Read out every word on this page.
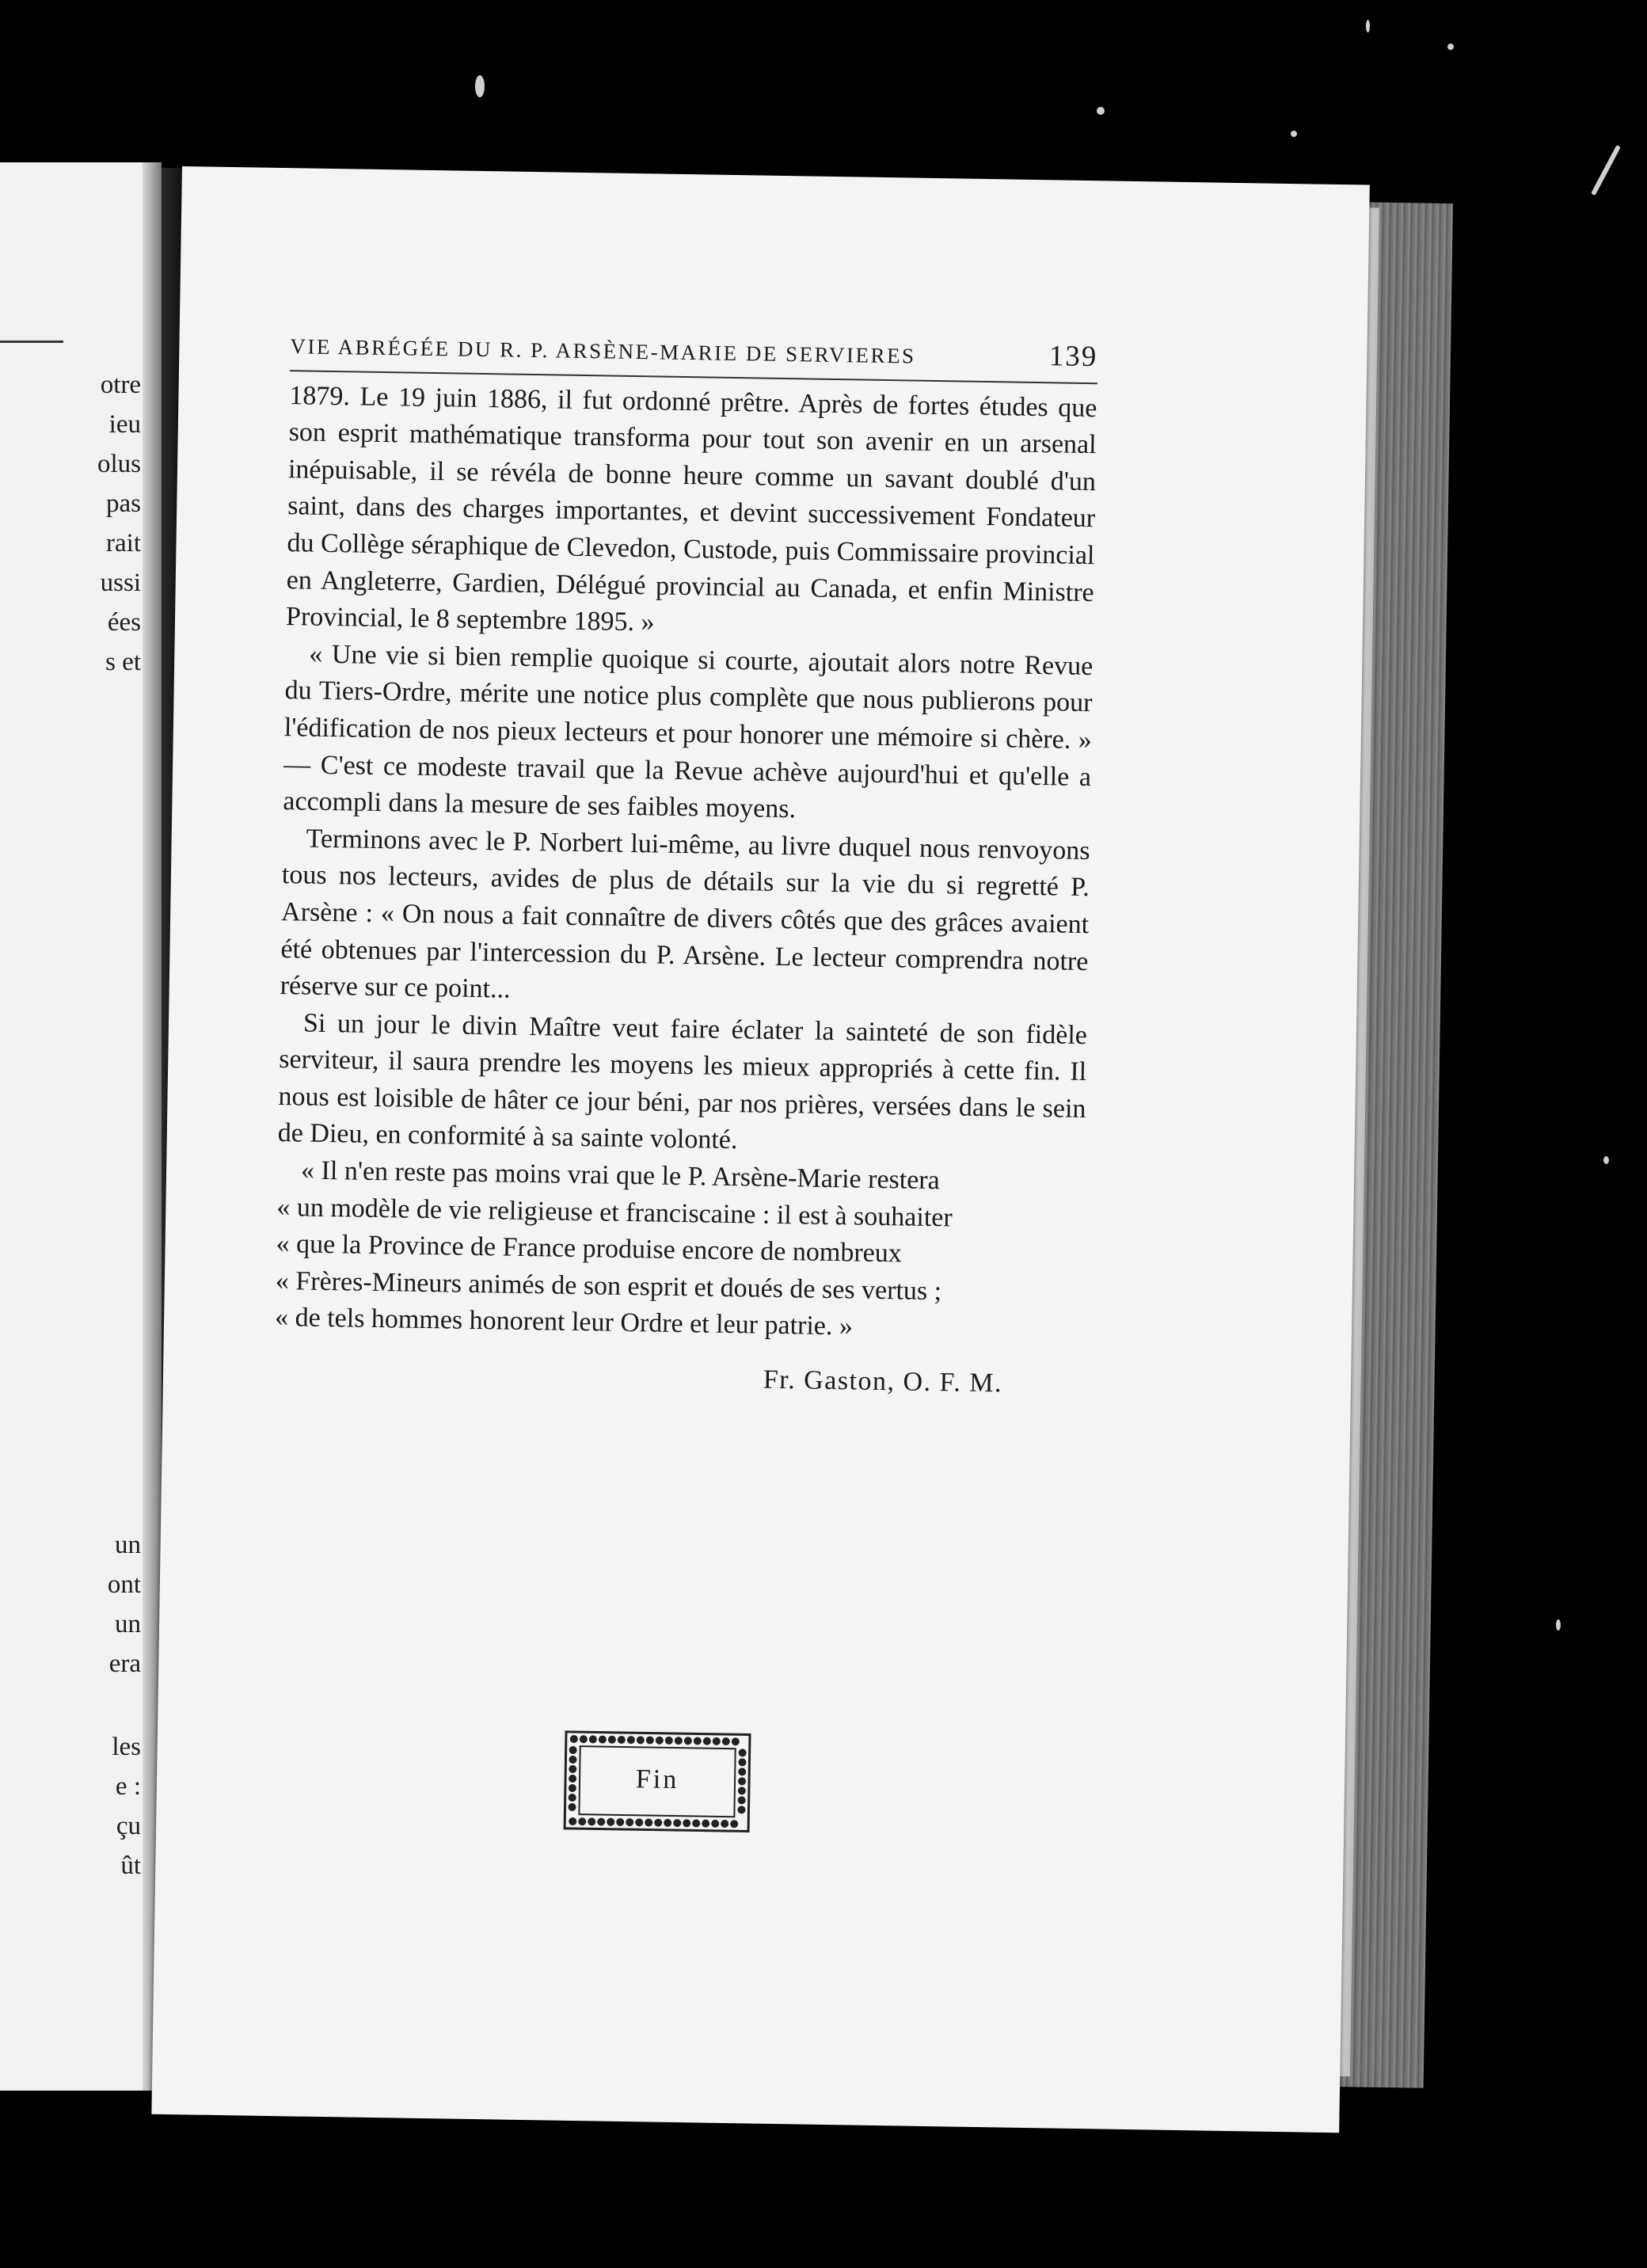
otre
ieu
olus
pas
rait
ussi
ées
s et
un
ont
un
era
les
e :
çu
ût
VIE ABRÉGÉE DU R. P. ARSÈNE-MARIE DE SERVIERES	139

1879. Le 19 juin 1886, il fut ordonné prêtre. Après de fortes études que son esprit mathématique transforma pour tout son avenir en un arsenal inépuisable, il se révéla de bonne heure comme un savant doublé d'un saint, dans des charges importantes, et devint successivement Fondateur du Collège séraphique de Clevedon, Custode, puis Commissaire provincial en Angleterre, Gardien, Délégué provincial au Canada, et enfin Ministre Provincial, le 8 septembre 1895. »

« Une vie si bien remplie quoique si courte, ajoutait alors notre Revue du Tiers-Ordre, mérite une notice plus complète que nous publierons pour l'édification de nos pieux lecteurs et pour honorer une mémoire si chère. » — C'est ce modeste travail que la Revue achève aujourd'hui et qu'elle a accompli dans la mesure de ses faibles moyens.

Terminons avec le P. Norbert lui-même, au livre duquel nous renvoyons tous nos lecteurs, avides de plus de détails sur la vie du si regretté P. Arsène : « On nous a fait connaître de divers côtés que des grâces avaient été obtenues par l'intercession du P. Arsène. Le lecteur comprendra notre réserve sur ce point...

Si un jour le divin Maître veut faire éclater la sainteté de son fidèle serviteur, il saura prendre les moyens les mieux appropriés à cette fin. Il nous est loisible de hâter ce jour béni, par nos prières, versées dans le sein de Dieu, en conformité à sa sainte volonté.

« Il n'en reste pas moins vrai que le P. Arsène-Marie restera

« un modèle de vie religieuse et franciscaine : il est à souhaiter

« que la Province de France produise encore de nombreux

« Frères-Mineurs animés de son esprit et doués de ses vertus ;

« de tels hommes honorent leur Ordre et leur patrie. »

Fr. Gaston, O. F. M.

Fin
